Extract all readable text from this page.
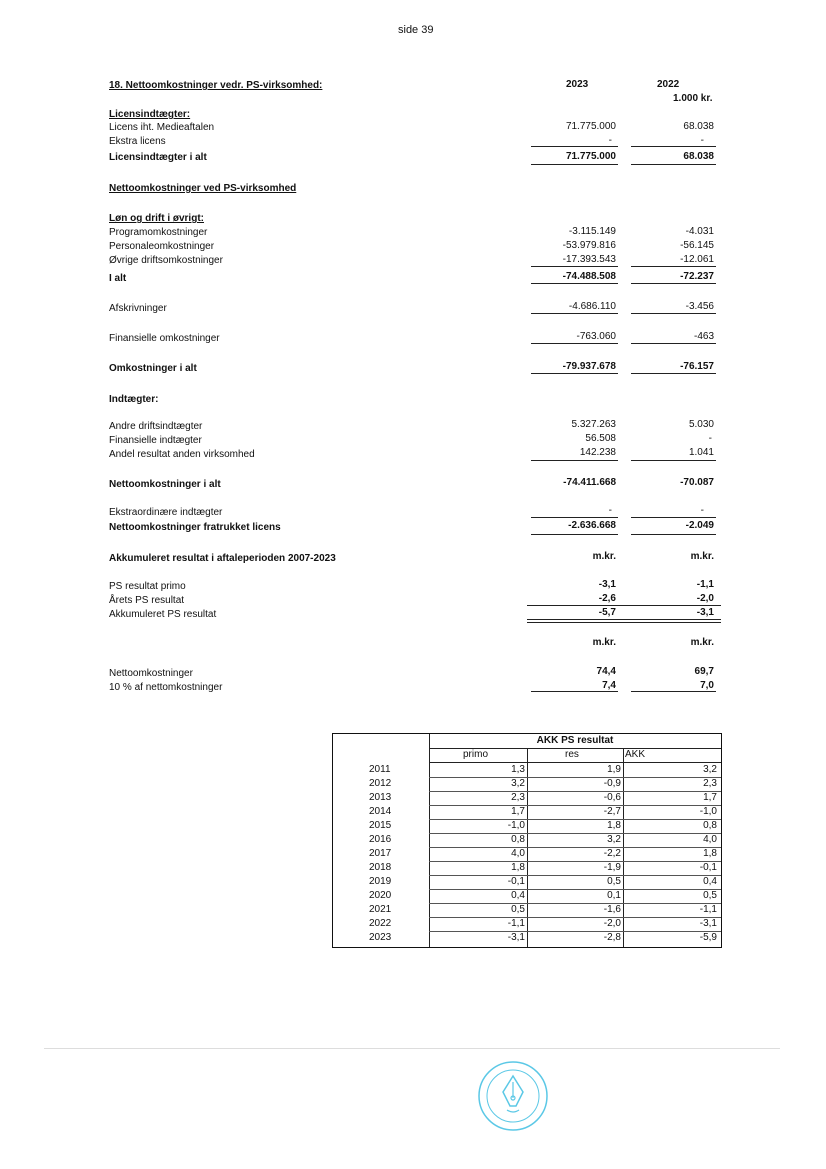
side 39
18. Nettoomkostninger vedr. PS-virksomhed:	2023	2022
1.000 kr.
Licensindtægter:
Licens iht. Medieaftalen	71.775.000	68.038
Ekstra licens	-	-
Licensindtægter i alt	71.775.000	68.038
Nettoomkostninger ved PS-virksomhed
Løn og drift i øvrigt:
Programomkostninger	-3.115.149	-4.031
Personaleomkostninger	-53.979.816	-56.145
Øvrige driftsomkostninger	-17.393.543	-12.061
I alt	-74.488.508	-72.237
Afskrivninger	-4.686.110	-3.456
Finansielle omkostninger	-763.060	-463
Omkostninger i alt	-79.937.678	-76.157
Indtægter:
Andre driftsindtægter	5.327.263	5.030
Finansielle indtægter	56.508	-
Andel resultat anden virksomhed	142.238	1.041
Nettoomkostninger i alt	-74.411.668	-70.087
Ekstraordinære indtægter	-	-
Nettoomkostninger fratrukket licens	-2.636.668	-2.049
Akkumuleret resultat i aftaleperioden 2007-2023	m.kr.	m.kr.
PS resultat primo	-3,1	-1,1
Årets PS resultat	-2,6	-2,0
Akkumuleret PS resultat	-5,7	-3,1
m.kr.	m.kr.
Nettoomkostninger	74,4	69,7
10 % af nettomkostninger	7,4	7,0
AKK PS resultat
primo	res	AKK
2011	1,3	1,9	3,2
2012	3,2	-0,9	2,3
2013	2,3	-0,6	1,7
2014	1,7	-2,7	-1,0
2015	-1,0	1,8	0,8
2016	0,8	3,2	4,0
2017	4,0	-2,2	1,8
2018	1,8	-1,9	-0,1
2019	-0,1	0,5	0,4
2020	0,4	0,1	0,5
2021	0,5	-1,6	-1,1
2022	-1,1	-2,0	-3,1
2023	-3,1	-2,8	-5,9
